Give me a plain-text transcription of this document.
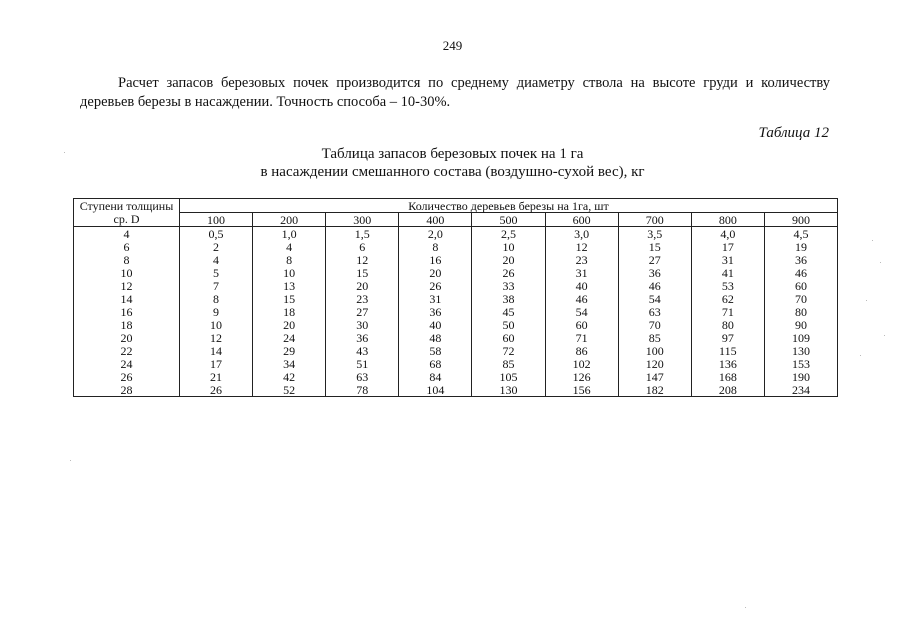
249
Расчет запасов березовых почек производится по среднему диаметру ствола на высоте груди и количеству деревьев березы в насаждении. Точность способа – 10-30%.
Таблица 12
Таблица запасов березовых почек на 1 га
в насаждении смешанного состава (воздушно-сухой вес), кг
Ступени толщины	Количество деревьев березы на 1га, шт								
ср. D	100	200	300	400	500	600	700	800	900
4	0,5	1,0	1,5	2,0	2,5	3,0	3,5	4,0	4,5
6	2	4	6	8	10	12	15	17	19
8	4	8	12	16	20	23	27	31	36
10	5	10	15	20	26	31	36	41	46
12	7	13	20	26	33	40	46	53	60
14	8	15	23	31	38	46	54	62	70
16	9	18	27	36	45	54	63	71	80
18	10	20	30	40	50	60	70	80	90
20	12	24	36	48	60	71	85	97	109
22	14	29	43	58	72	86	100	115	130
24	17	34	51	68	85	102	120	136	153
26	21	42	63	84	105	126	147	168	190
28	26	52	78	104	130	156	182	208	234
